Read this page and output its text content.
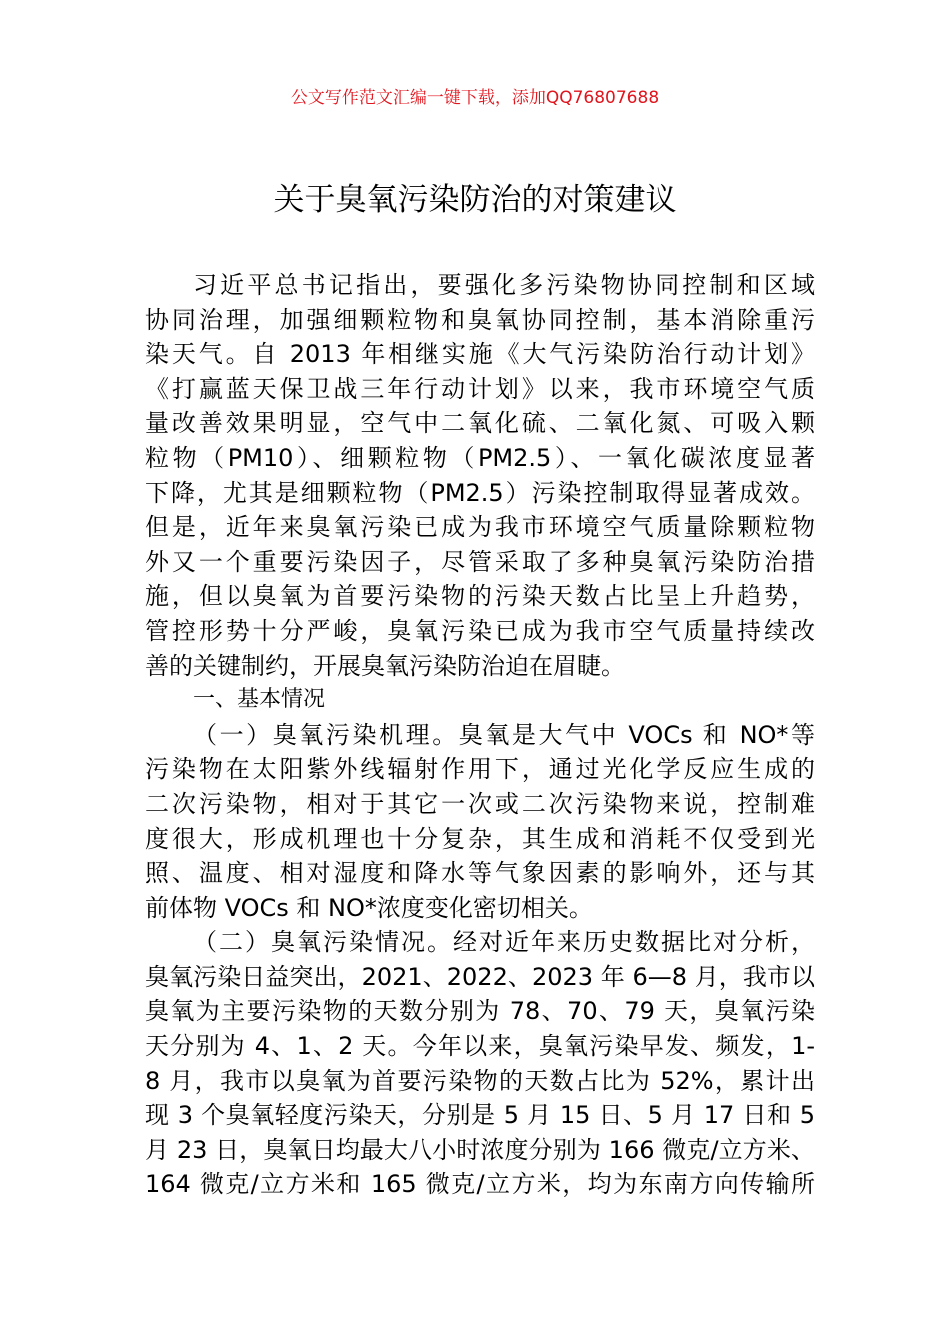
公文写作范文汇编一键下载，添加QQ76807688
关于臭氧污染防治的对策建议
习近平总书记指出，要强化多污染物协同控制和区域
协同治理，加强细颗粒物和臭氧协同控制，基本消除重污
染天气。自 2013 年相继实施《大气污染防治行动计划》
《打赢蓝天保卫战三年行动计划》以来，我市环境空气质
量改善效果明显，空气中二氧化硫、二氧化氮、可吸入颗
粒物（PM10）、细颗粒物（PM2.5）、一氧化碳浓度显著
下降，尤其是细颗粒物（PM2.5）污染控制取得显著成效。
但是，近年来臭氧污染已成为我市环境空气质量除颗粒物
外又一个重要污染因子，尽管采取了多种臭氧污染防治措
施，但以臭氧为首要污染物的污染天数占比呈上升趋势，
管控形势十分严峻，臭氧污染已成为我市空气质量持续改
善的关键制约，开展臭氧污染防治迫在眉睫。
一、基本情况
（一）臭氧污染机理。臭氧是大气中 VOCs 和 NO*等
污染物在太阳紫外线辐射作用下，通过光化学反应生成的
二次污染物，相对于其它一次或二次污染物来说，控制难
度很大，形成机理也十分复杂，其生成和消耗不仅受到光
照、温度、相对湿度和降水等气象因素的影响外，还与其
前体物 VOCs 和 NO*浓度变化密切相关。
（二）臭氧污染情况。经对近年来历史数据比对分析，
臭氧污染日益突出，2021、2022、2023 年 6—8 月，我市以
臭氧为主要污染物的天数分别为 78、70、79 天，臭氧污染
天分别为 4、1、2 天。今年以来，臭氧污染早发、频发，1-
8 月，我市以臭氧为首要污染物的天数占比为 52%，累计出
现 3 个臭氧轻度污染天，分别是 5 月 15 日、5 月 17 日和 5
月 23 日，臭氧日均最大八小时浓度分别为 166 微克/立方米、
164 微克/立方米和 165 微克/立方米，均为东南方向传输所
